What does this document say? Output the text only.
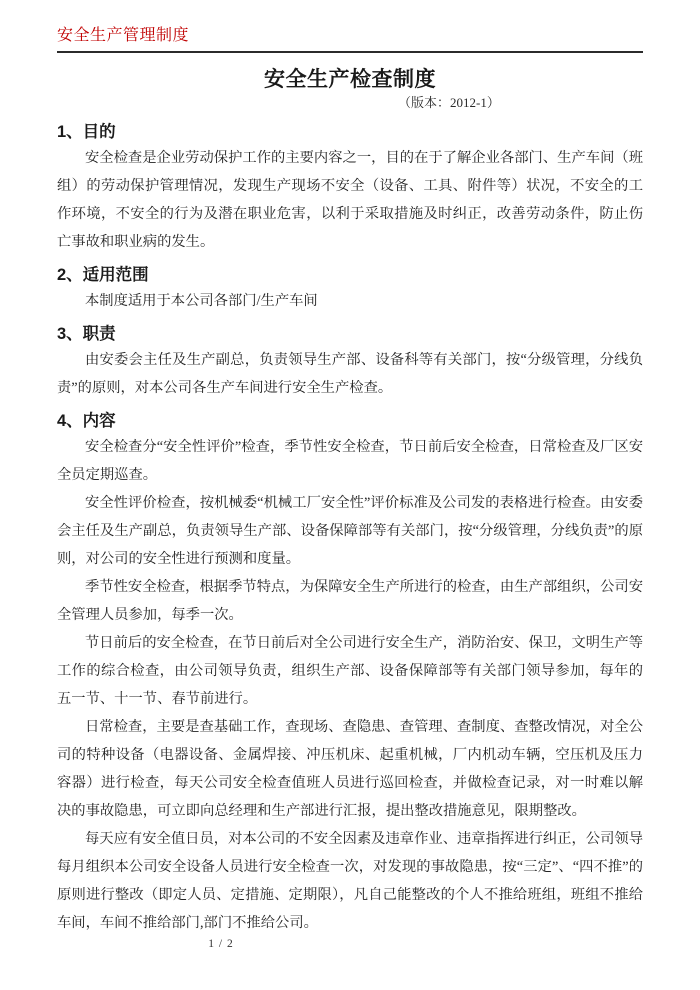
安全生产管理制度
安全生产检查制度
（版本：2012-1）
1、目的

安全检查是企业劳动保护工作的主要内容之一，目的在于了解企业各部门、生产车间（班组）的劳动保护管理情况，发现生产现场不安全（设备、工具、附件等）状况，不安全的工作环境，不安全的行为及潜在职业危害，以利于采取措施及时纠正，改善劳动条件，防止伤亡事故和职业病的发生。

2、适用范围

本制度适用于本公司各部门/生产车间

3、职责

由安委会主任及生产副总，负责领导生产部、设备科等有关部门，按“分级管理，分线负责”的原则，对本公司各生产车间进行安全生产检查。

4、内容

安全检查分“安全性评价”检查，季节性安全检查，节日前后安全检查，日常检查及厂区安全员定期巡查。

安全性评价检查，按机械委“机械工厂安全性”评价标准及公司发的表格进行检查。由安委会主任及生产副总，负责领导生产部、设备保障部等有关部门，按“分级管理，分线负责”的原则，对公司的安全性进行预测和度量。

季节性安全检查，根据季节特点，为保障安全生产所进行的检查，由生产部组织，公司安全管理人员参加，每季一次。

节日前后的安全检查，在节日前后对全公司进行安全生产，消防治安、保卫，文明生产等工作的综合检查，由公司领导负责，组织生产部、设备保障部等有关部门领导参加，每年的五一节、十一节、春节前进行。

日常检查，主要是查基础工作，查现场、查隐患、查管理、查制度、查整改情况，对全公司的特种设备（电器设备、金属焊接、冲压机床、起重机械，厂内机动车辆，空压机及压力容器）进行检查，每天公司安全检查值班人员进行巡回检查，并做检查记录，对一时难以解决的事故隐患，可立即向总经理和生产部进行汇报，提出整改措施意见，限期整改。

每天应有安全值日员，对本公司的不安全因素及违章作业、违章指挥进行纠正，公司领导每月组织本公司安全设备人员进行安全检查一次，对发现的事故隐患，按“三定”、“四不推”的原则进行整改（即定人员、定措施、定期限），凡自己能整改的个人不推给班组，班组不推给车间，车间不推给部门,部门不推给公司。

1 / 2
